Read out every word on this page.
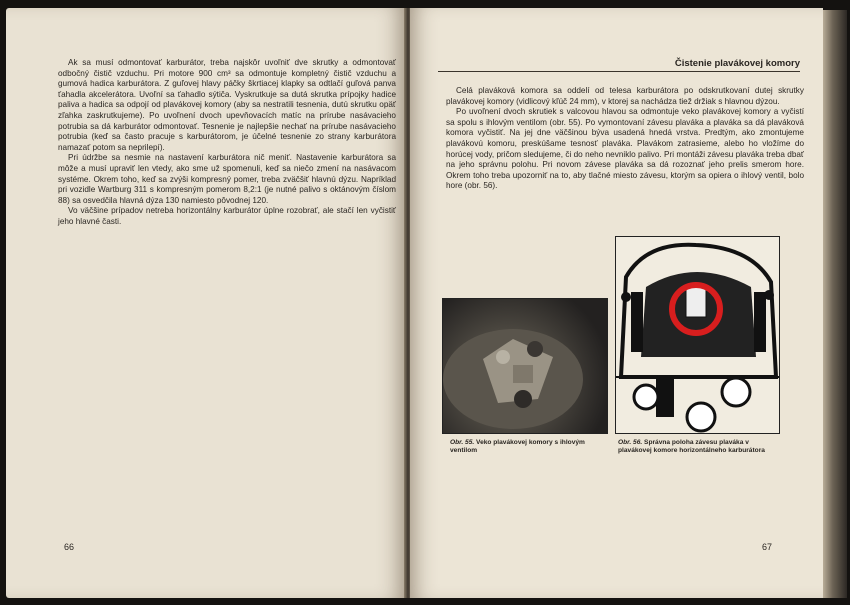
Ak sa musí odmontovať karburátor, treba najskôr uvoľniť dve skrutky a odmontovať odbočný čistič vzduchu. Pri motore 900 cm³ sa odmontuje kompletný čistič vzduchu a gumová hadica karburátora. Z guľovej hlavy páčky škrtiacej klapky sa odtlačí guľová panva ťahadla akcelerátora. Uvoľní sa ťahadlo sýtiča. Vyskrutkuje sa dutá skrutka prípojky hadice paliva a hadica sa odpojí od plavákovej komory (aby sa nestratili tesnenia, dutú skrutku opäť zľahka zaskrutkujeme). Po uvoľnení dvoch upevňovacích matíc na prírube nasávacieho potrubia sa dá karburátor odmontovať. Tesnenie je najlepšie nechať na prírube nasávacieho potrubia (keď sa často pracuje s karburátorom, je účelné tesnenie zo strany karburátora namazať potom sa neprilepí).

Pri údržbe sa nesmie na nastavení karburátora nič meniť. Nastavenie karburátora sa môže a musí upraviť len vtedy, ako sme už spomenuli, keď sa niečo zmení na nasávacom systéme. Okrem toho, keď sa zvýši kompresný pomer, treba zväčšiť hlavnú dýzu. Napríklad pri vozidle Wartburg 311 s kompresným pomerom 8,2:1 (je nutné palivo s oktánovým číslom 88) sa osvedčila hlavná dýza 130 namiesto pôvodnej 120.

Vo väčšine prípadov netreba horizontálny karburátor úplne rozobrať, ale stačí len vyčistiť jeho hlavné časti.

66
Čistenie plavákovej komory

Celá plaváková komora sa oddelí od telesa karburátora po odskrutkovaní dutej skrutky plavákovej komory (vidlicový kľúč 24 mm), v ktorej sa nachádza tiež držiak s hlavnou dýzou.

Po uvoľnení dvoch skrutiek s valcovou hlavou sa odmontuje veko plavákovej komory a vyčistí sa spolu s ihlovým ventilom (obr. 55). Po vymontovaní závesu plaváka a plaváka sa dá plaváková komora vyčistiť. Na jej dne väčšinou býva usadená hnedá vrstva. Predtým, ako zmontujeme plavákovú komoru, preskúšame tesnosť plaváka. Plavákom zatrasieme, alebo ho vložíme do horúcej vody, pričom sledujeme, či do neho nevniklo palivo. Pri montáži závesu plaváka treba dbať na jeho správnu polohu. Pri novom závese plaváka sa dá rozoznať jeho prelis smerom hore. Okrem toho treba upozorniť na to, aby tlačné miesto závesu, ktorým sa opiera o ihlový ventil, bolo hore (obr. 56).

Obr. 55. Veko plavákovej komory s ihlovým ventilom
Obr. 56. Správna poloha závesu plaváka v plavákovej komore horizontálneho karburátora
67
